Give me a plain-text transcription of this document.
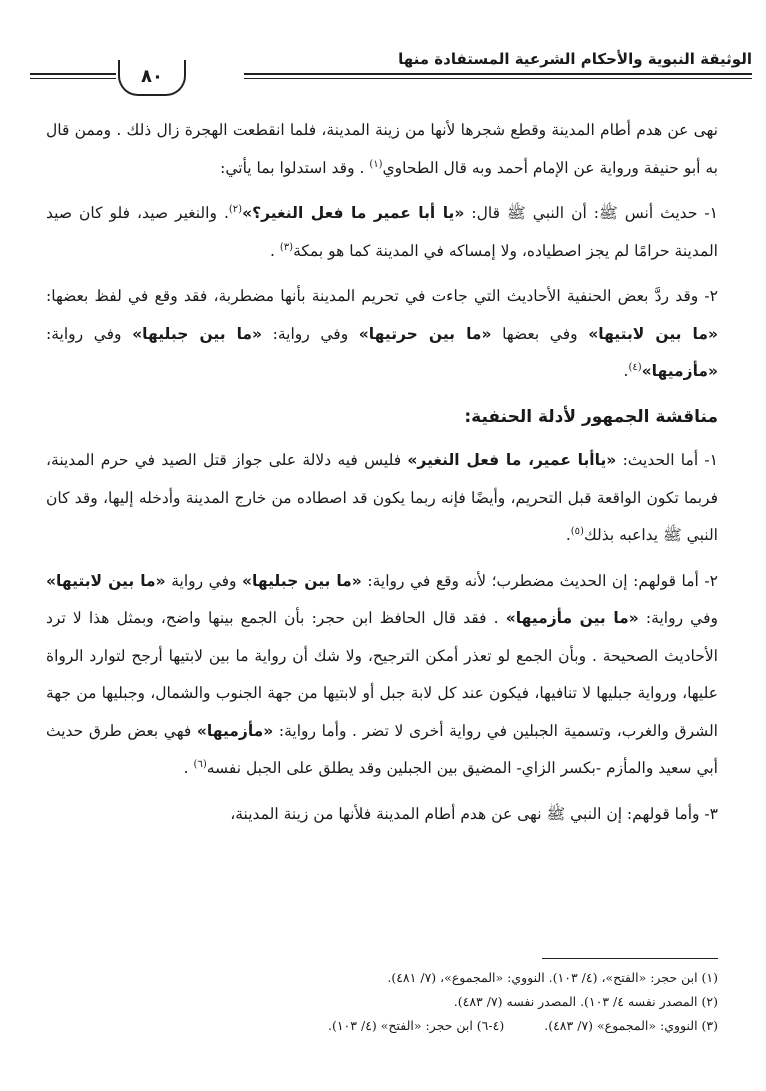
الوثيقة النبوية والأحكام الشرعية المستفادة منها
٨٠

نهى عن هدم أطام المدينة وقطع شجرها لأنها من زينة المدينة، فلما انقطعت الهجرة زال ذلك . وممن قال به أبو حنيفة ورواية عن الإمام أحمد وبه قال الطحاوي$^{(١)}$ . وقد استدلوا بما يأتي:

١- حديث أنس ﷺ: أن النبي ﷺ قال: «يا أبا عمير ما فعل النغير؟»$^{(٢)}$. والنغير صيد، فلو كان صيد المدينة حرامًا لم يجز اصطياده، ولا إمساكه في المدينة كما هو بمكة$^{(٣)}$ .

٢- وقد ردَّ بعض الحنفية الأحاديث التي جاءت في تحريم المدينة بأنها مضطربة، فقد وقع في لفظ بعضها: «ما بين لابتيها» وفي بعضها «ما بين حرتيها» وفي رواية: «ما بين جبليها» وفي رواية: «مأزميها»$^{(٤)}$.

مناقشة الجمهور لأدلة الحنفية:

١- أما الحديث: «ياأبا عمير، ما فعل النغير» فليس فيه دلالة على جواز قتل الصيد في حرم المدينة، فربما تكون الواقعة قبل التحريم، وأيضًا فإنه ربما يكون قد اصطاده من خارج المدينة وأدخله إليها، وقد كان النبي ﷺ يداعبه بذلك$^{(٥)}$.

٢- أما قولهم: إن الحديث مضطرب؛ لأنه وقع في رواية: «ما بين جبليها» وفي رواية «ما بين لابتيها» وفي رواية: «ما بين مأزميها» . فقد قال الحافظ ابن حجر: بأن الجمع بينها واضح، وبمثل هذا لا ترد الأحاديث الصحيحة . وبأن الجمع لو تعذر أمكن الترجيح، ولا شك أن رواية ما بين لابتيها أرجح لتوارد الرواة عليها، ورواية جبليها لا تنافيها، فيكون عند كل لابة جبل أو لابتيها من جهة الجنوب والشمال، وجبليها من جهة الشرق والغرب، وتسمية الجبلين في رواية أخرى لا تضر . وأما رواية: «مأزميها» فهي بعض طرق حديث أبي سعيد والمأزم -بكسر الزاي- المضيق بين الجبلين وقد يطلق على الجبل نفسه$^{(٦)}$ .

٣- وأما قولهم: إن النبي ﷺ نهى عن هدم أطام المدينة فلأنها من زينة المدينة،

(١) ابن حجر: «الفتح»، (٤/ ١٠٣). النووي: «المجموع»، (٧/ ٤٨١).
(٢) المصدر نفسه ٤/ ١٠٣). المصدر نفسه (٧/ ٤٨٣).
(٣) النووي: «المجموع» (٧/ ٤٨٣).
(٤-٦) ابن حجر: «الفتح» (٤/ ١٠٣).
